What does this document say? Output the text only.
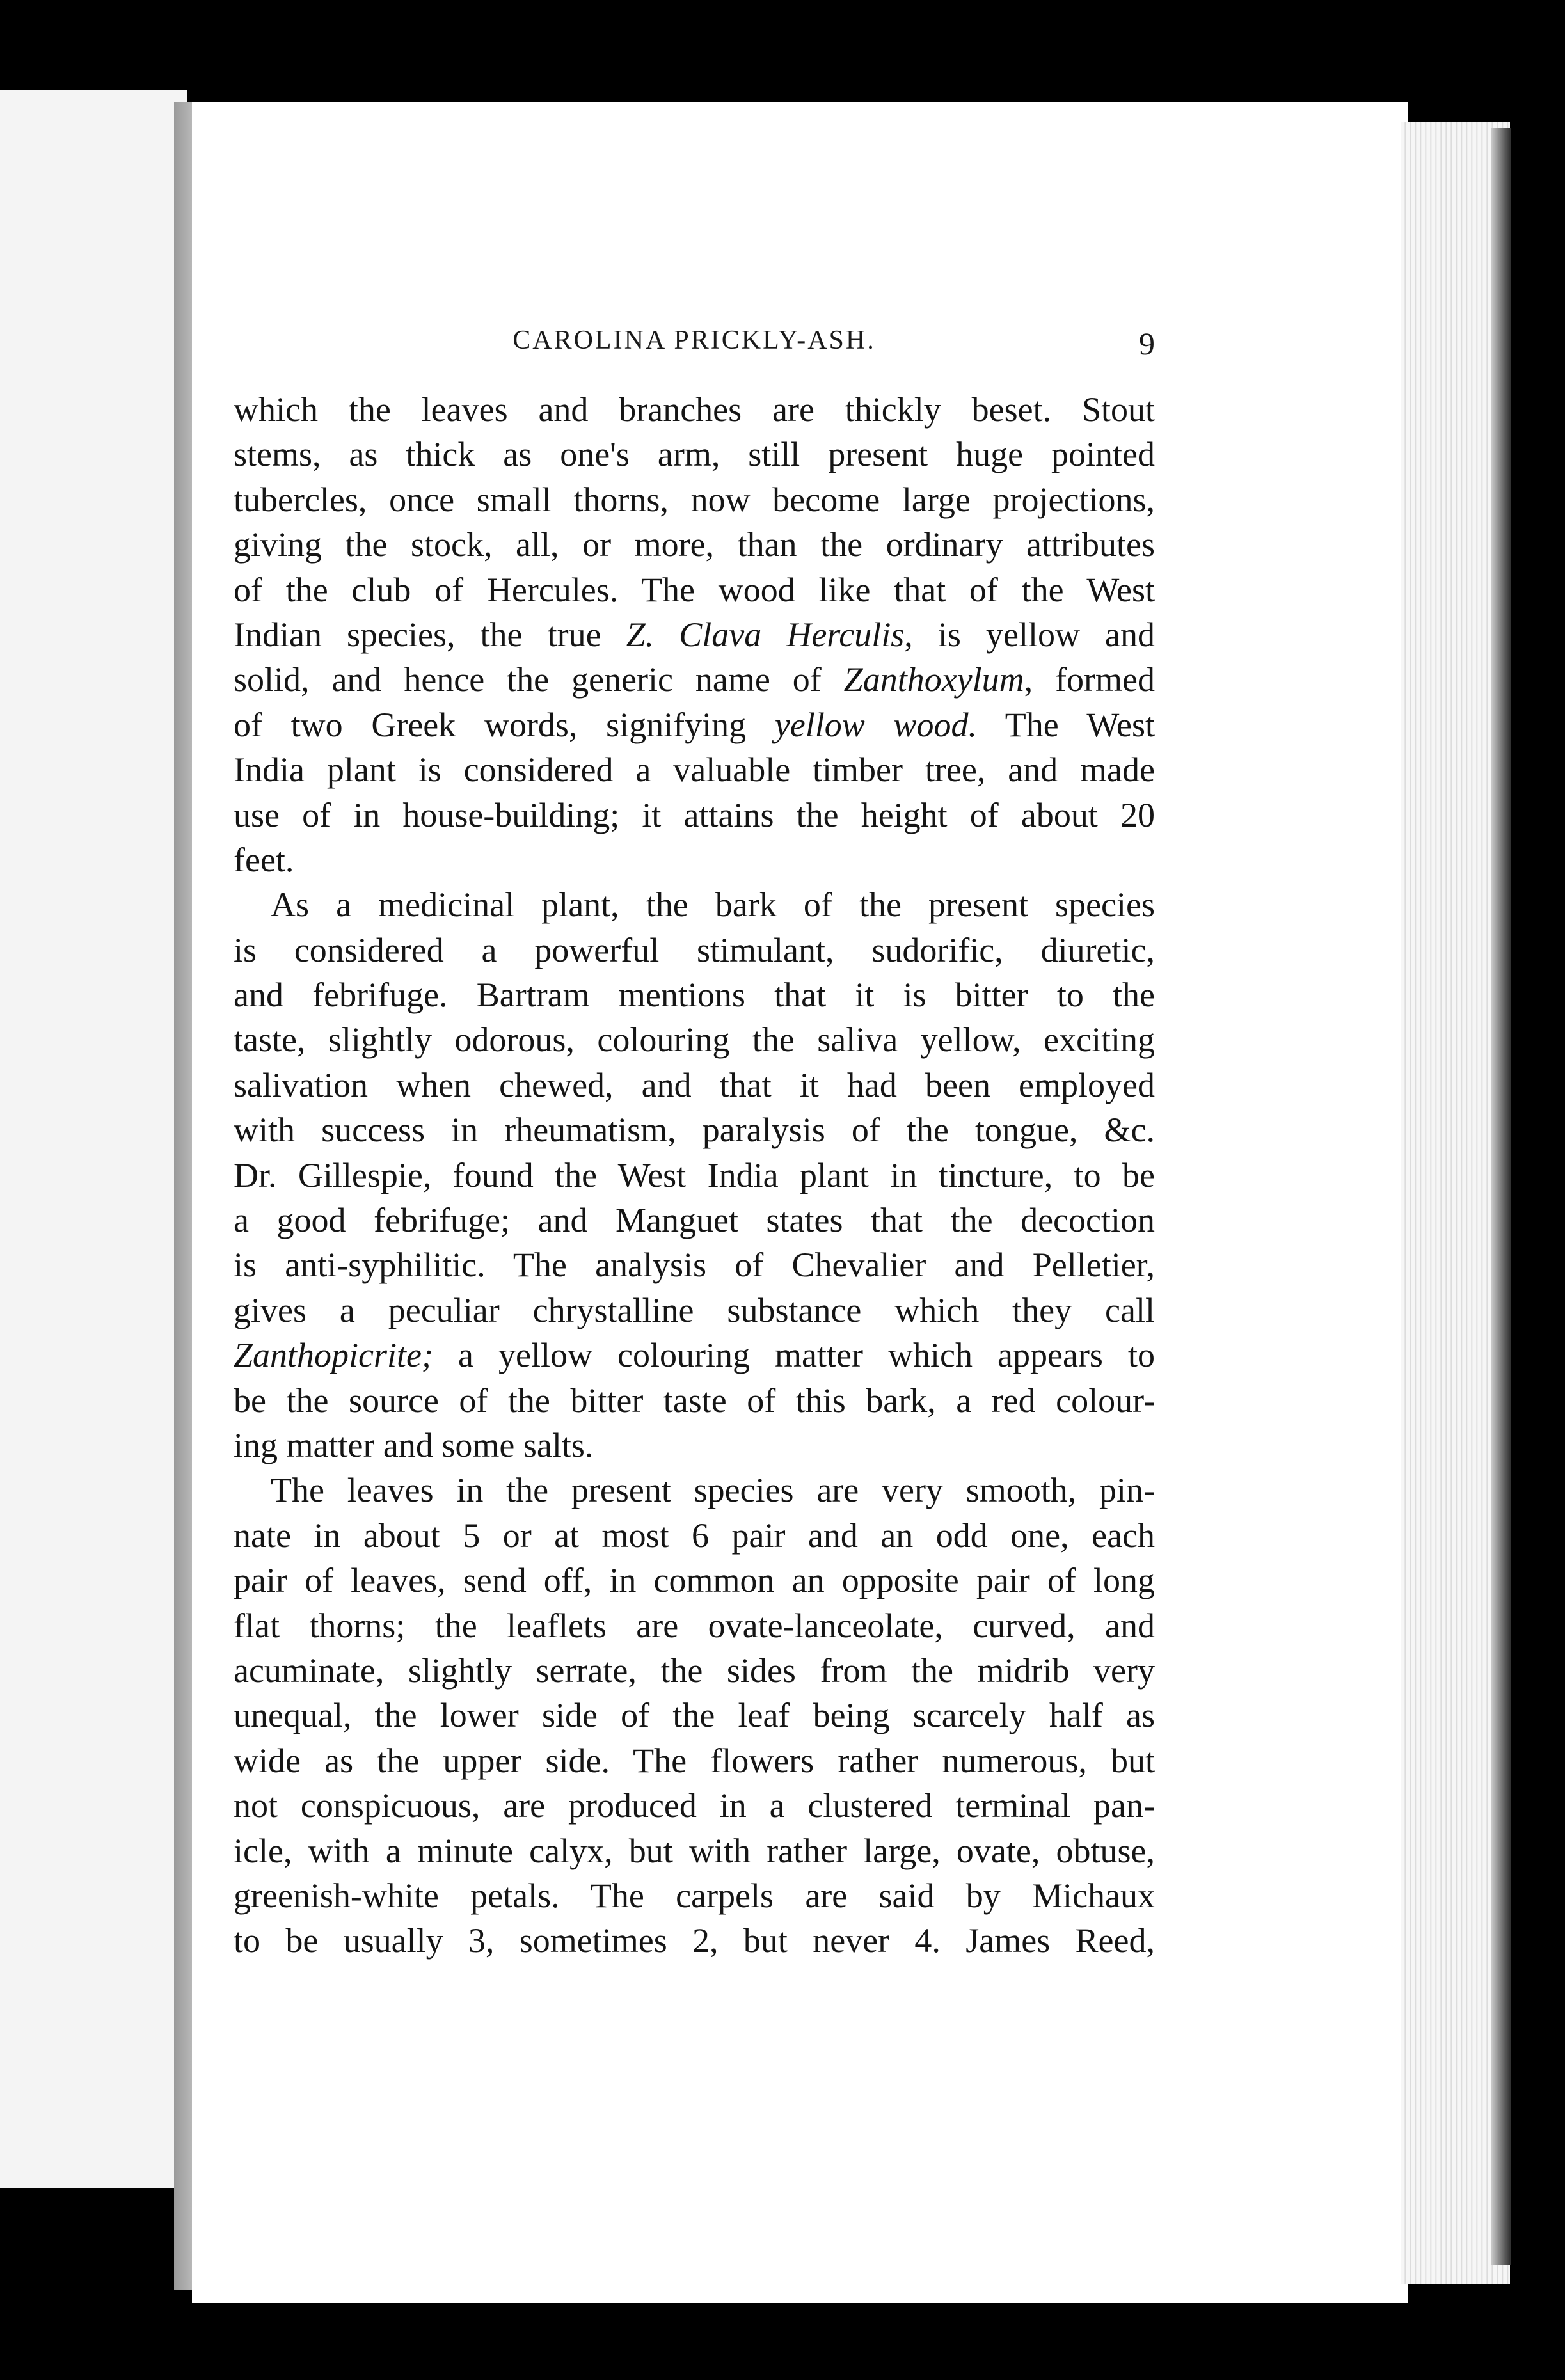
CAROLINA PRICKLY-ASH.	9
which the leaves and branches are thickly beset. Stout
stems, as thick as one's arm, still present huge pointed
tubercles, once small thorns, now become large projections,
giving the stock, all, or more, than the ordinary attributes
of the club of Hercules. The wood like that of the West
Indian species, the true Z. Clava Herculis, is yellow and
solid, and hence the generic name of Zanthoxylum, formed
of two Greek words, signifying yellow wood. The West
India plant is considered a valuable timber tree, and made
use of in house-building; it attains the height of about 20
feet.
As a medicinal plant, the bark of the present species
is considered a powerful stimulant, sudorific, diuretic,
and febrifuge. Bartram mentions that it is bitter to the
taste, slightly odorous, colouring the saliva yellow, exciting
salivation when chewed, and that it had been employed
with success in rheumatism, paralysis of the tongue, &c.
Dr. Gillespie, found the West India plant in tincture, to be
a good febrifuge; and Manguet states that the decoction
is anti-syphilitic. The analysis of Chevalier and Pelletier,
gives a peculiar chrystalline substance which they call
Zanthopicrite; a yellow colouring matter which appears to
be the source of the bitter taste of this bark, a red colour-
ing matter and some salts.
The leaves in the present species are very smooth, pin-
nate in about 5 or at most 6 pair and an odd one, each
pair of leaves, send off, in common an opposite pair of long
flat thorns; the leaflets are ovate-lanceolate, curved, and
acuminate, slightly serrate, the sides from the midrib very
unequal, the lower side of the leaf being scarcely half as
wide as the upper side. The flowers rather numerous, but
not conspicuous, are produced in a clustered terminal pan-
icle, with a minute calyx, but with rather large, ovate, obtuse,
greenish-white petals. The carpels are said by Michaux
to be usually 3, sometimes 2, but never 4. James Reed,
